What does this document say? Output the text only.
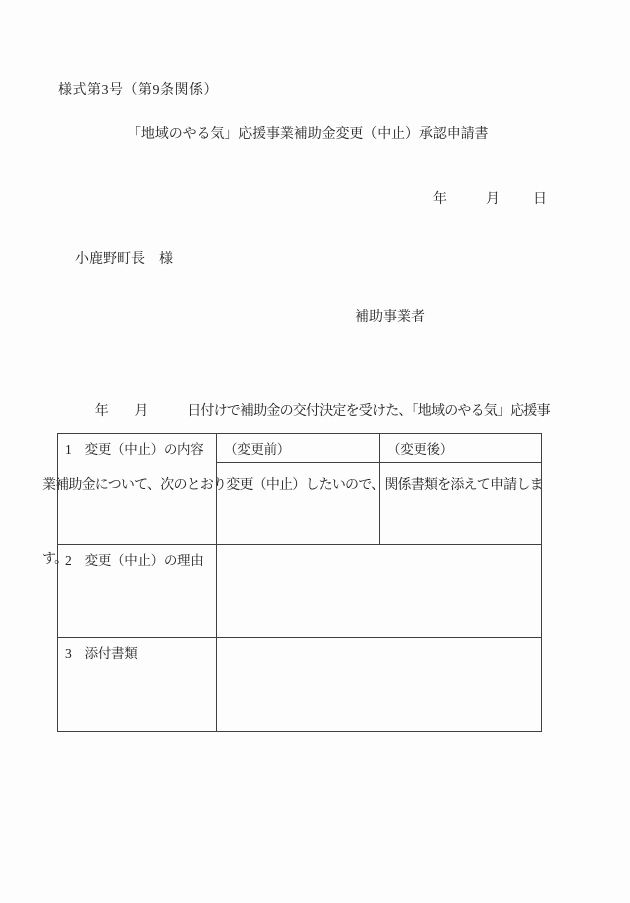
様式第3号（第9条関係）
「地域のやる気」応援事業補助金変更（中止）承認申請書
年	月 日
小鹿野町長　様
補助事業者

　　　　年　　月　　　日付けで補助金の交付決定を受けた、「地域のやる気」応援事

業補助金について、次のとおり変更（中止）したいので、関係書類を添えて申請しま

す。

1　変更（中止）の内容	（変更前）	（変更後）

2　変更（中止）の理由		
3　添付書類		
